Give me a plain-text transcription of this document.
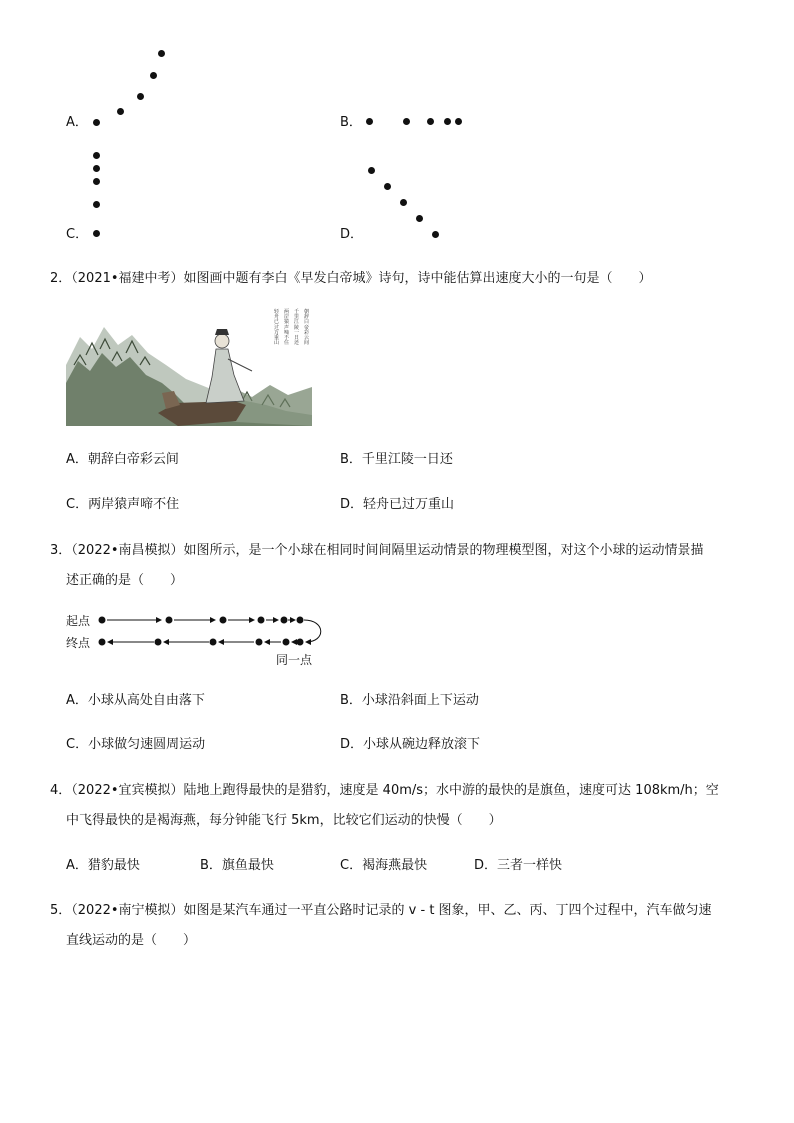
A．	B．
C．	D．
2．（2021•福建中考）如图画中题有李白《早发白帝城》诗句，诗中能估算出速度大小的一句是（　　）
朝辞白帝彩云间
千里江陵一日还
两岸猿声啼不住
轻舟已过万重山
A．朝辞白帝彩云间	B．千里江陵一日还
C．两岸猿声啼不住	D．轻舟已过万重山
3．（2022•南昌模拟）如图所示，是一个小球在相同时间间隔里运动情景的物理模型图，对这个小球的运动情景描
述正确的是（　　）
起点
终点
同一点
A．小球从高处自由落下	B．小球沿斜面上下运动
C．小球做匀速圆周运动	D．小球从碗边释放滚下
4．（2022•宜宾模拟）陆地上跑得最快的是猎豹，速度是 40m/s；水中游的最快的是旗鱼，速度可达 108km/h；空
中飞得最快的是褐海燕，每分钟能飞行 5km，比较它们运动的快慢（　　）
A．猎豹最快	B．旗鱼最快	C．褐海燕最快	D．三者一样快
5．（2022•南宁模拟）如图是某汽车通过一平直公路时记录的 v - t 图象，甲、乙、丙、丁四个过程中，汽车做匀速
直线运动的是（　　）
